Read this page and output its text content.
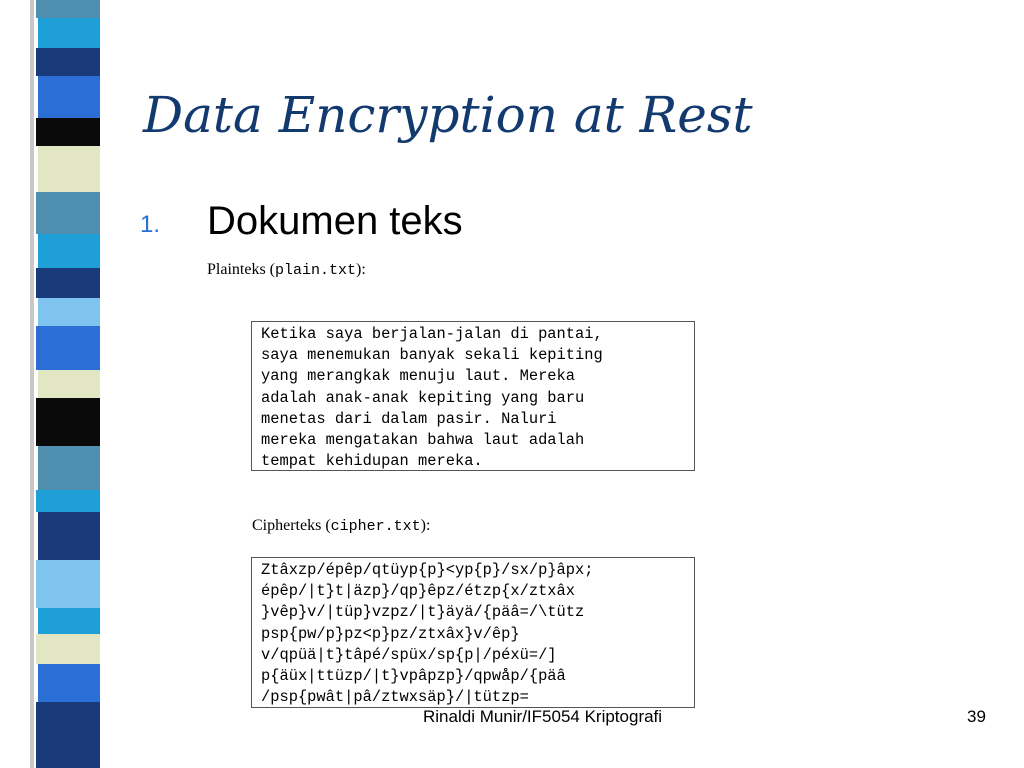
Data Encryption at Rest
1. Dokumen teks
Plainteks (plain.txt):
Ketika saya berjalan-jalan di pantai,
saya menemukan banyak sekali kepiting
yang merangkak menuju laut. Mereka
adalah anak-anak kepiting yang baru
menetas dari dalam pasir. Naluri
mereka mengatakan bahwa laut adalah
tempat kehidupan mereka.
Cipherteks (cipher.txt):
Ztâxzp/épêp/qtüyp{p}<yp{p}/sx/p}âpx;
épêp/|t}t|äzp}/qp}êpz/étzp{x/ztxâx
}vêp}v/|tüp}vzpz/|t}äyä/{päâ=/\tütz
psp{pw/p}pz<p}pz/ztxâx}v/êp}
v/qpüä|t}tâpé/spüx/sp{p|/péxü=/]
p{äüx|ttüzp/|t}vpâpzp}/qpwåp/{päâ
/psp{pwât|pâ/ztwxsäp}/|tützp=
Rinaldi Munir/IF5054 Kriptografi	39
